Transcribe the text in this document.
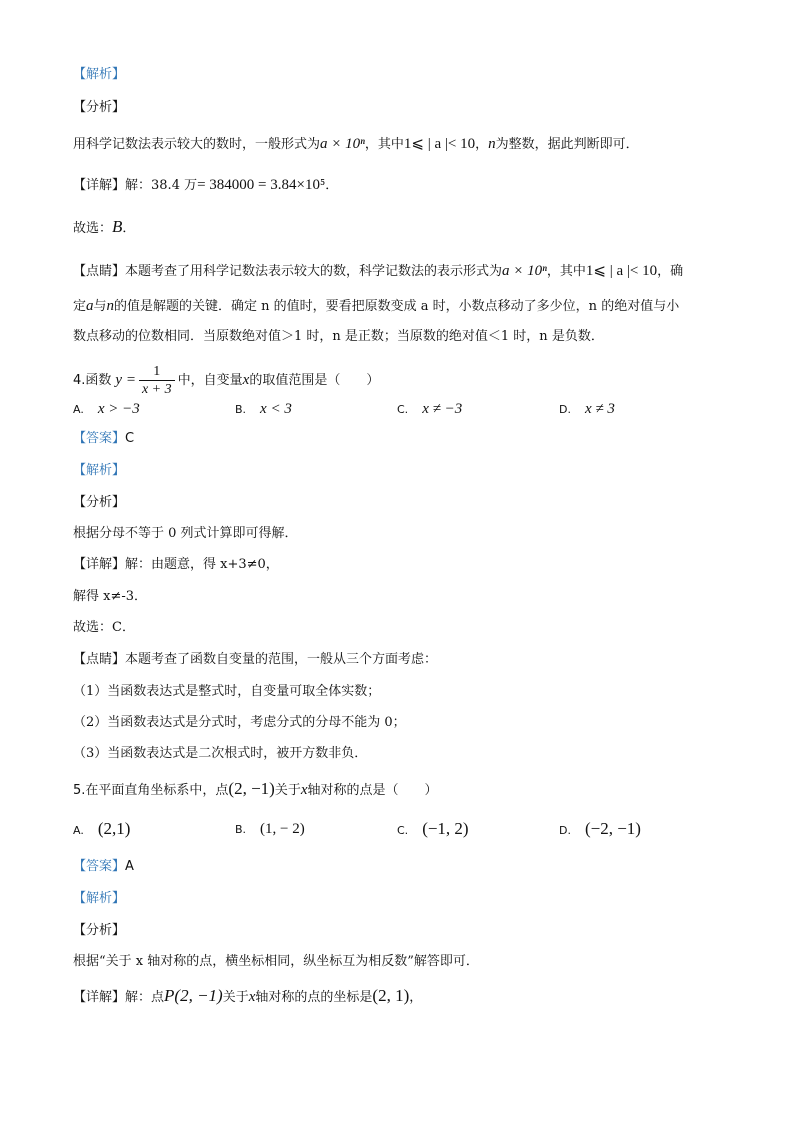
【解析】
【分析】
用科学记数法表示较大的数时，一般形式为a × 10ⁿ，其中1⩽ | a |< 10，n为整数，据此判断即可．
【详解】解：38.4 万= 384000 = 3.84×10⁵．
故选：B．
【点睛】本题考查了用科学记数法表示较大的数，科学记数法的表示形式为a × 10ⁿ，其中1⩽ | a |< 10，确
定a与n的值是解题的关键．确定 n 的值时，要看把原数变成 a 时，小数点移动了多少位，n 的绝对值与小
数点移动的位数相同．当原数绝对值＞1 时，n 是正数；当原数的绝对值＜1 时，n 是负数．
4.函数 $y = \frac{1}{x + 3}$ 中，自变量x的取值范围是（　　）
A. x > −3	B. x < 3	C. x ≠ −3	D. x ≠ 3
【答案】C
【解析】
【分析】
根据分母不等于 0 列式计算即可得解．
【详解】解：由题意，得 x+3≠0，
解得 x≠-3．
故选：C．
【点睛】本题考查了函数自变量的范围，一般从三个方面考虑：
（1）当函数表达式是整式时，自变量可取全体实数；
（2）当函数表达式是分式时，考虑分式的分母不能为 0；
（3）当函数表达式是二次根式时，被开方数非负．
5.在平面直角坐标系中，点(2, −1)关于x轴对称的点是（　　）
A. (2,1)	B. (1, − 2)	C. (−1, 2)	D. (−2, −1)
【答案】A
【解析】
【分析】
根据“关于 x 轴对称的点，横坐标相同，纵坐标互为相反数”解答即可．
【详解】解：点P(2, −1)关于x轴对称的点的坐标是(2, 1)，
